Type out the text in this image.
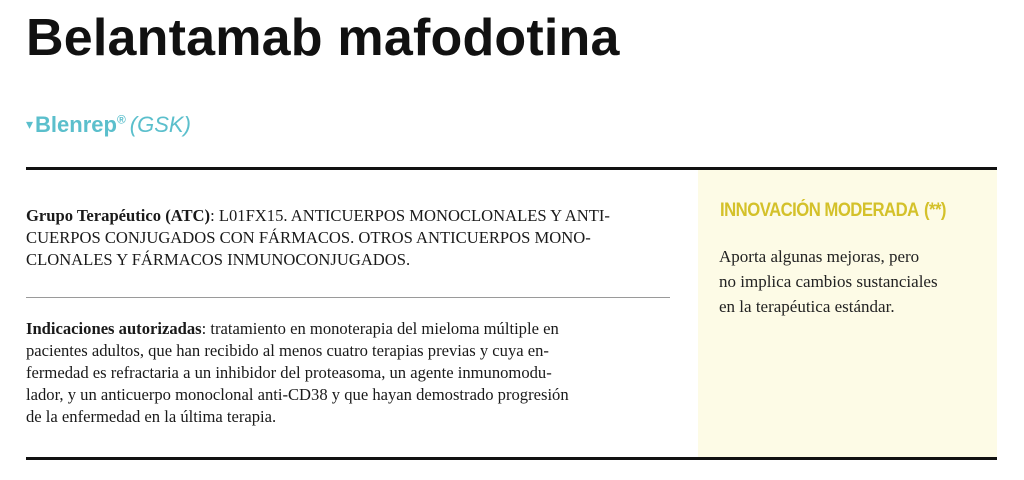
Belantamab mafodotina
▾Blenrep® (GSK)
Grupo Terapéutico (ATC): L01FX15. ANTICUERPOS MONOCLONALES Y ANTI-
CUERPOS CONJUGADOS CON FÁRMACOS. OTROS ANTICUERPOS MONO-
CLONALES Y FÁRMACOS INMUNOCONJUGADOS.
Indicaciones autorizadas: tratamiento en monoterapia del mieloma múltiple en
pacientes adultos, que han recibido al menos cuatro terapias previas y cuya en-
fermedad es refractaria a un inhibidor del proteasoma, un agente inmunomodu-
lador, y un anticuerpo monoclonal anti-CD38 y que hayan demostrado progresión
de la enfermedad en la última terapia.
INNOVACIÓN MODERADA (**)
Aporta algunas mejoras, pero
no implica cambios sustanciales
en la terapéutica estándar.
